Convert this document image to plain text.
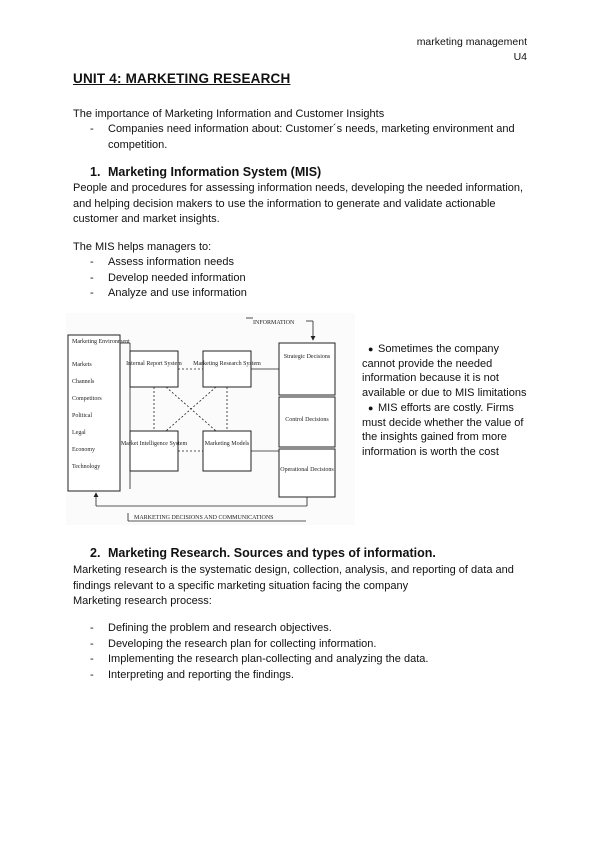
marketing management
U4
UNIT 4: MARKETING RESEARCH
The importance of Marketing Information and Customer Insights
- Companies need information about: Customer´s needs, marketing environment and competition.
1. Marketing Information System (MIS)
People and procedures for assessing information needs, developing the needed information, and helping decision makers to use the information to generate and validate actionable customer and market insights.
The MIS helps managers to:
- Assess information needs
- Develop needed information
- Analyze and use information
INFORMATION
Marketing Environment
Markets
Channels
Competitors
Political
Legal
Economy
Technology
Internal Report System Marketing Research System
Market Intelligence System	Marketing Models
Strategic Decisions
Control Decisions
Operational Decisions
MARKETING DECISIONS AND COMMUNICATIONS
● Sometimes the company cannot provide the needed information because it is not available or due to MIS limitations
● MIS efforts are costly. Firms must decide whether the value of the insights gained from more information is worth the cost
2. Marketing Research. Sources and types of information.
Marketing research is the systematic design, collection, analysis, and reporting of data and findings relevant to a specific marketing situation facing the company
Marketing research process:
- Defining the problem and research objectives.
- Developing the research plan for collecting information.
- Implementing the research plan-collecting and analyzing the data.
- Interpreting and reporting the findings.
